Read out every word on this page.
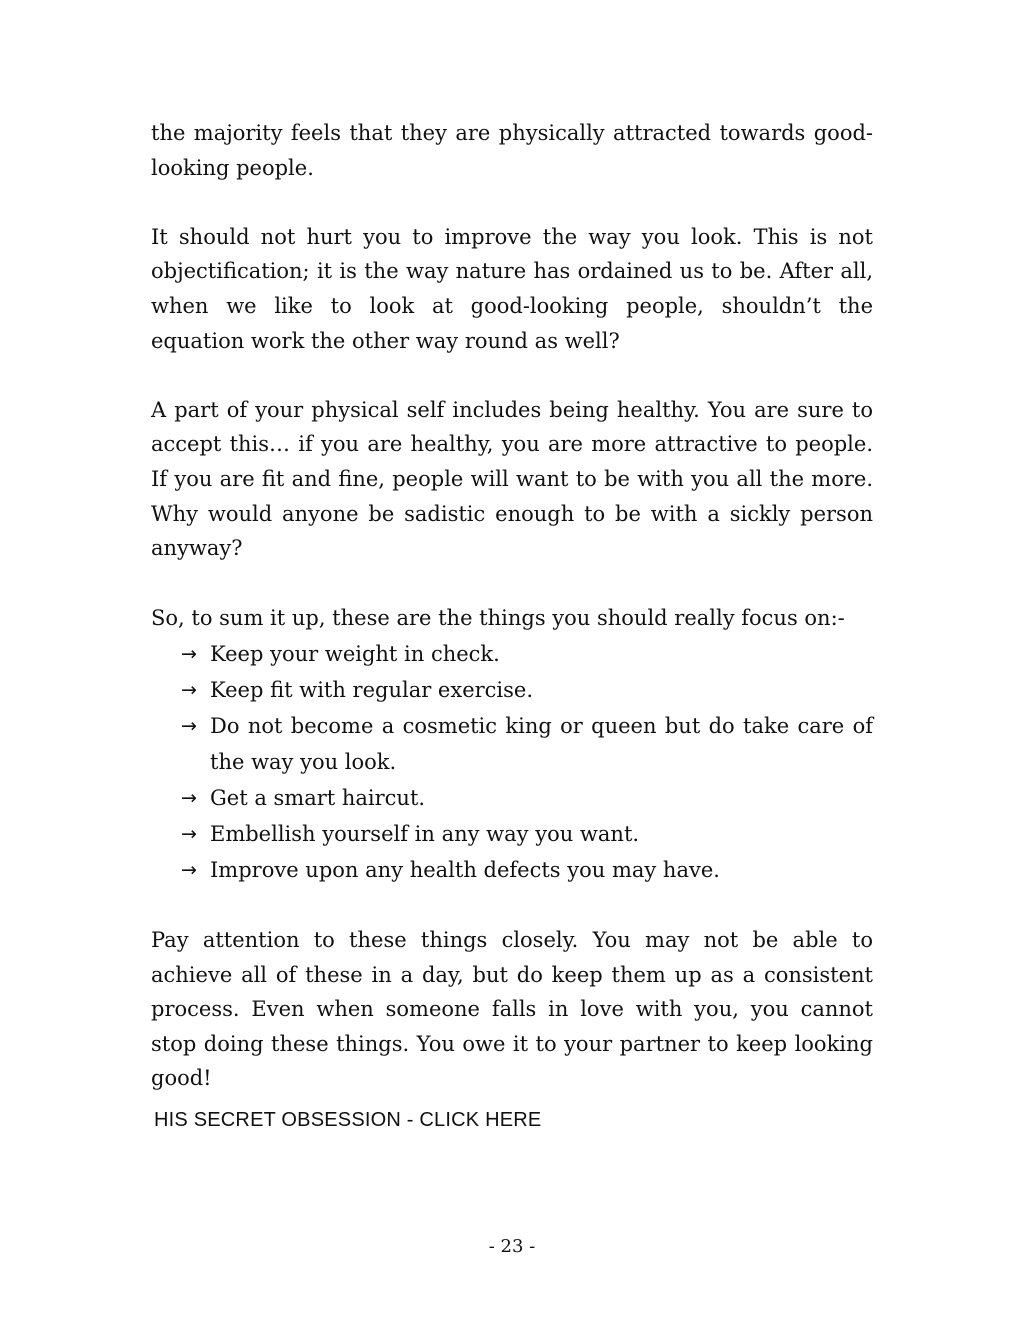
the majority feels that they are physically attracted towards good-looking people.

It should not hurt you to improve the way you look. This is not objectification; it is the way nature has ordained us to be. After all, when we like to look at good-looking people, shouldn’t the equation work the other way round as well?

A part of your physical self includes being healthy. You are sure to accept this… if you are healthy, you are more attractive to people. If you are fit and fine, people will want to be with you all the more. Why would anyone be sadistic enough to be with a sickly person anyway?

So, to sum it up, these are the things you should really focus on:-

→ Keep your weight in check.
→ Keep fit with regular exercise.
→ Do not become a cosmetic king or queen but do take care of the way you look.
→ Get a smart haircut.
→ Embellish yourself in any way you want.
→ Improve upon any health defects you may have.

Pay attention to these things closely. You may not be able to achieve all of these in a day, but do keep them up as a consistent process. Even when someone falls in love with you, you cannot stop doing these things. You owe it to your partner to keep looking good!

HIS SECRET OBSESSION - CLICK HERE
- 23 -
